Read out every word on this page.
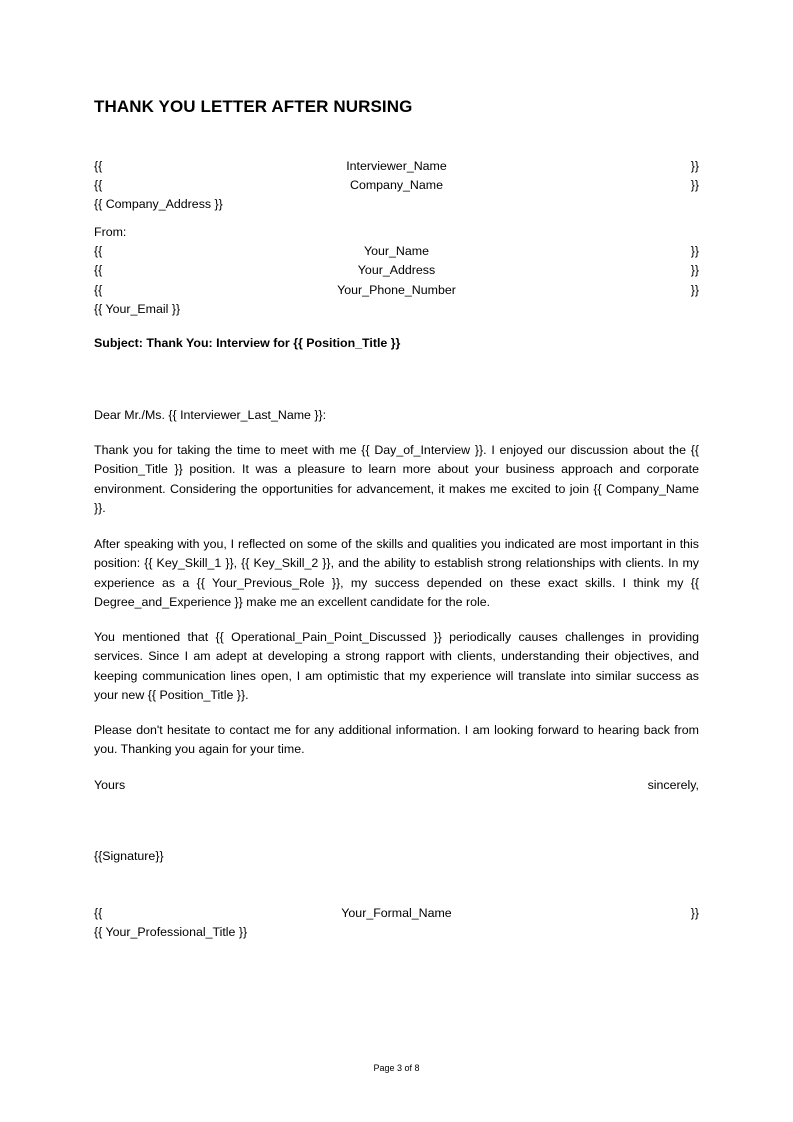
THANK YOU LETTER AFTER NURSING
{{	Interviewer_Name	}}
{{	Company_Name	}}
{{ Company_Address }}
From:
{{	Your_Name	}}
{{	Your_Address	}}
{{	Your_Phone_Number	}}
{{ Your_Email }}
Subject: Thank You: Interview for {{ Position_Title }}
Dear Mr./Ms. {{ Interviewer_Last_Name }}:
Thank you for taking the time to meet with me {{ Day_of_Interview }}. I enjoyed our discussion about the {{ Position_Title }} position. It was a pleasure to learn more about your business approach and corporate environment. Considering the opportunities for advancement, it makes me excited to join {{ Company_Name }}.
After speaking with you, I reflected on some of the skills and qualities you indicated are most important in this position: {{ Key_Skill_1 }}, {{ Key_Skill_2 }}, and the ability to establish strong relationships with clients. In my experience as a {{ Your_Previous_Role }}, my success depended on these exact skills. I think my {{ Degree_and_Experience }} make me an excellent candidate for the role.
You mentioned that {{ Operational_Pain_Point_Discussed }} periodically causes challenges in providing services. Since I am adept at developing a strong rapport with clients, understanding their objectives, and keeping communication lines open, I am optimistic that my experience will translate into similar success as your new {{ Position_Title }}.
Please don't hesitate to contact me for any additional information. I am looking forward to hearing back from you. Thanking you again for your time.
Yours	sincerely,
{{Signature}}
{{	Your_Formal_Name	}}
{{ Your_Professional_Title }}
Page 3 of 8
